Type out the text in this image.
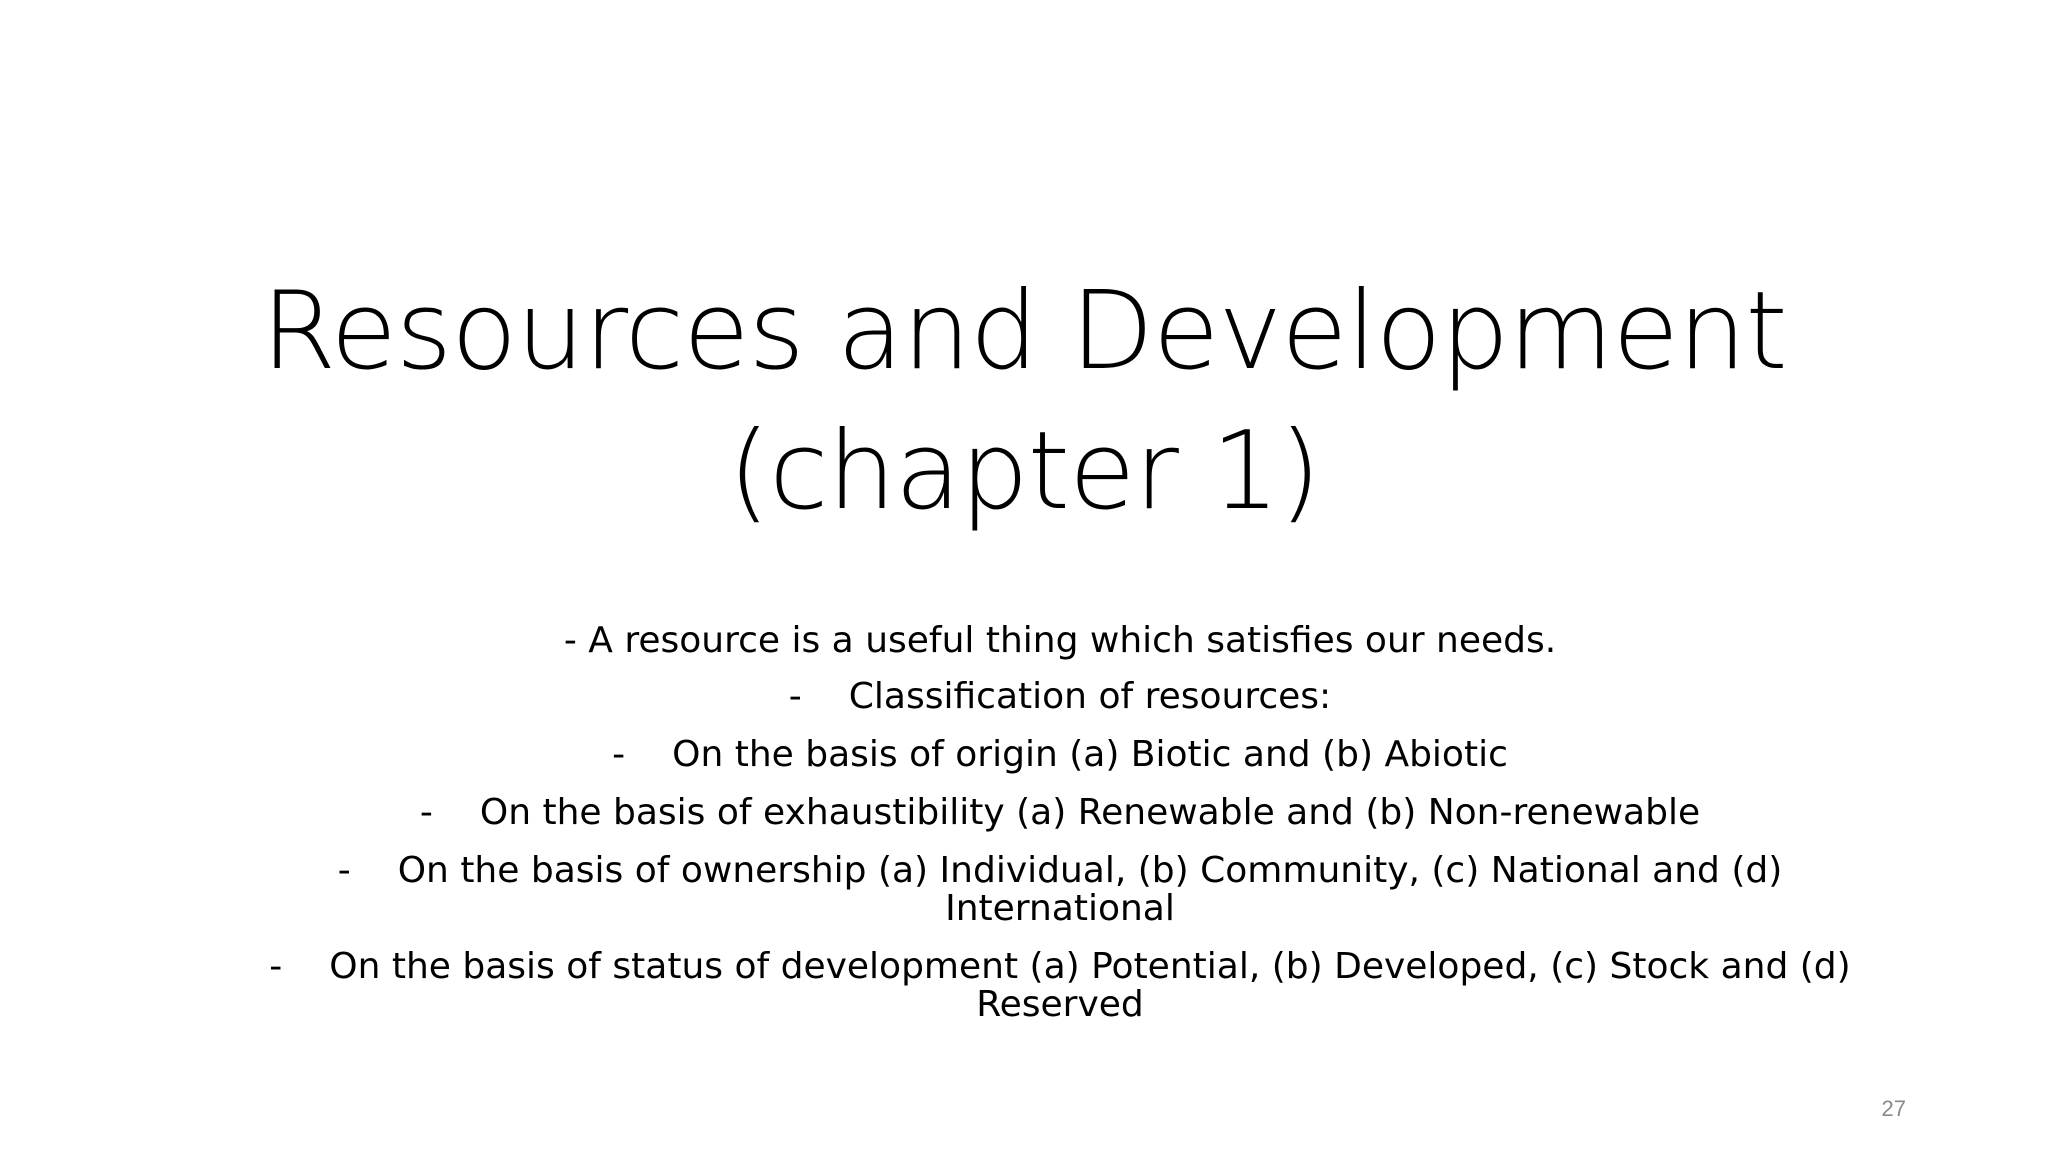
Resources and Development
(chapter 1)
- A resource is a useful thing which satisfies our needs.
- Classification of resources:
- On the basis of origin (a) Biotic and (b) Abiotic
- On the basis of exhaustibility (a) Renewable and (b) Non-renewable
- On the basis of ownership (a) Individual, (b) Community, (c) National and (d) International
- On the basis of status of development (a) Potential, (b) Developed, (c) Stock and (d) Reserved
27
